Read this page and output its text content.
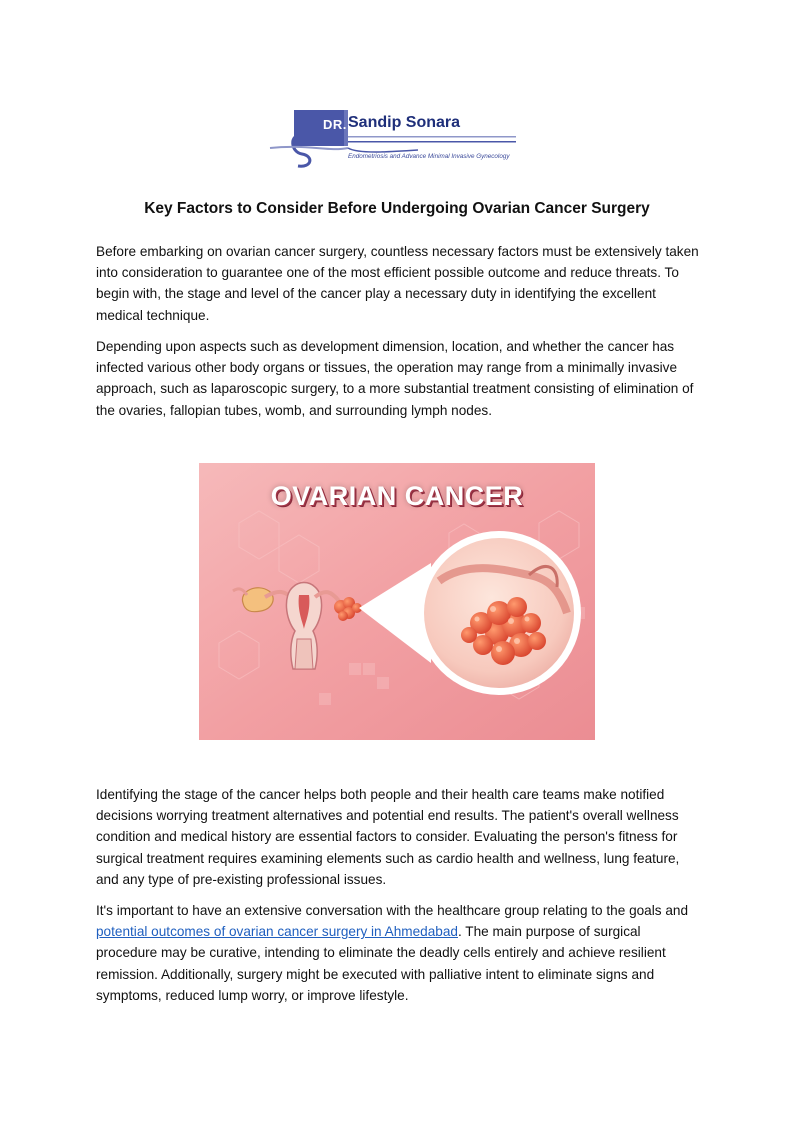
DR. Sandip Sonara
Endometriosis and Advance Minimal Invasive Gynecology
Key Factors to Consider Before Undergoing Ovarian Cancer Surgery

Before embarking on ovarian cancer surgery, countless necessary factors must be extensively taken into consideration to guarantee one of the most efficient possible outcome and reduce threats. To begin with, the stage and level of the cancer play a necessary duty in identifying the excellent medical technique.

Depending upon aspects such as development dimension, location, and whether the cancer has infected various other body organs or tissues, the operation may range from a minimally invasive approach, such as laparoscopic surgery, to a more substantial treatment consisting of elimination of the ovaries, fallopian tubes, womb, and surrounding lymph nodes.

OVARIAN CANCER

Identifying the stage of the cancer helps both people and their health care teams make notified decisions worrying treatment alternatives and potential end results. The patient's overall wellness condition and medical history are essential factors to consider. Evaluating the person's fitness for surgical treatment requires examining elements such as cardio health and wellness, lung feature, and any type of pre-existing professional issues.

It's important to have an extensive conversation with the healthcare group relating to the goals and potential outcomes of ovarian cancer surgery in Ahmedabad. The main purpose of surgical procedure may be curative, intending to eliminate the deadly cells entirely and achieve resilient remission. Additionally, surgery might be executed with palliative intent to eliminate signs and symptoms, reduced lump worry, or improve lifestyle.
